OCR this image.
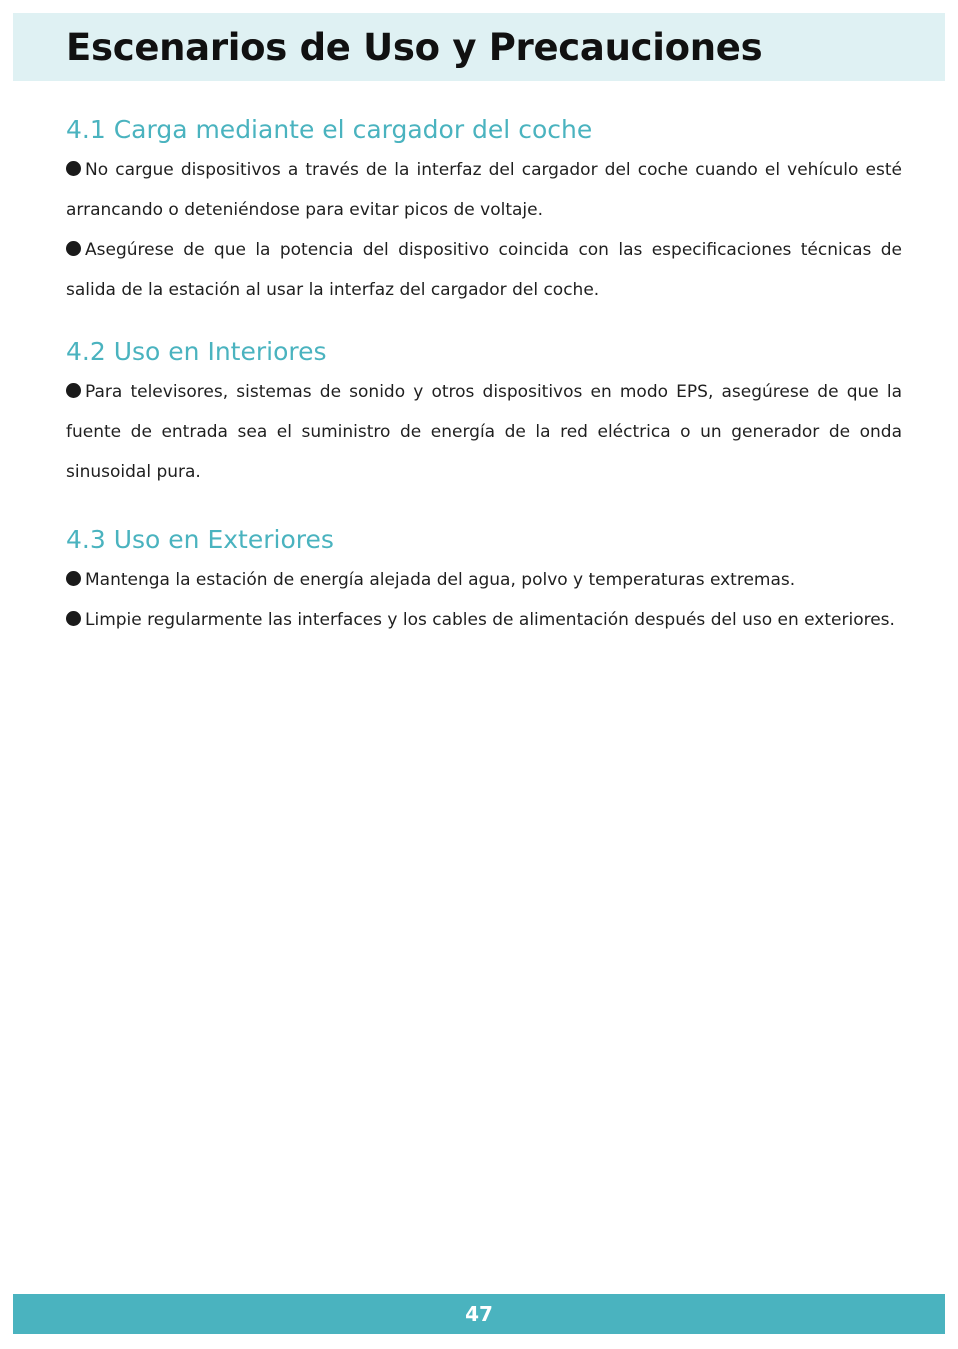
Escenarios de Uso y Precauciones
4.1 Carga mediante el cargador del coche

No cargue dispositivos a través de la interfaz del cargador del coche cuando el vehículo esté arrancando o deteniéndose para evitar picos de voltaje.

Asegúrese de que la potencia del dispositivo coincida con las especificaciones técnicas de salida de la estación al usar la interfaz del cargador del coche.

4.2 Uso en Interiores

Para televisores, sistemas de sonido y otros dispositivos en modo EPS, asegúrese de que la fuente de entrada sea el suministro de energía de la red eléctrica o un generador de onda sinusoidal pura.

4.3 Uso en Exteriores

Mantenga la estación de energía alejada del agua, polvo y temperaturas extremas.

Limpie regularmente las interfaces y los cables de alimentación después del uso en exteriores.

47
